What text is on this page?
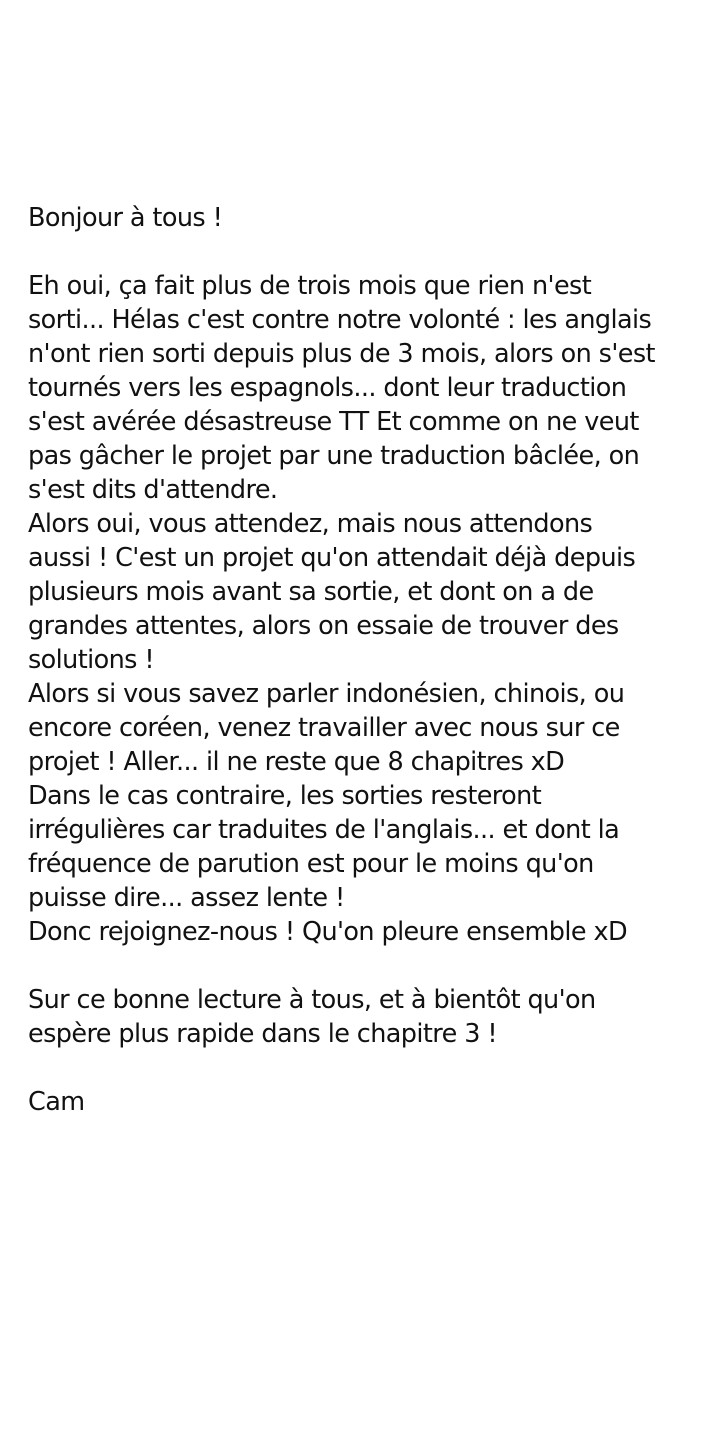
Bonjour à tous !
Eh oui, ça fait plus de trois mois que rien n'est
sorti... Hélas c'est contre notre volonté : les anglais
n'ont rien sorti depuis plus de 3 mois, alors on s'est
tournés vers les espagnols... dont leur traduction
s'est avérée désastreuse TT Et comme on ne veut
pas gâcher le projet par une traduction bâclée, on
s'est dits d'attendre.
Alors oui, vous attendez, mais nous attendons
aussi ! C'est un projet qu'on attendait déjà depuis
plusieurs mois avant sa sortie, et dont on a de
grandes attentes, alors on essaie de trouver des
solutions !
Alors si vous savez parler indonésien, chinois, ou
encore coréen, venez travailler avec nous sur ce
projet ! Aller... il ne reste que 8 chapitres xD
Dans le cas contraire, les sorties resteront
irrégulières car traduites de l'anglais... et dont la
fréquence de parution est pour le moins qu'on
puisse dire... assez lente !
Donc rejoignez-nous ! Qu'on pleure ensemble xD
Sur ce bonne lecture à tous, et à bientôt qu'on
espère plus rapide dans le chapitre 3 !
Cam
